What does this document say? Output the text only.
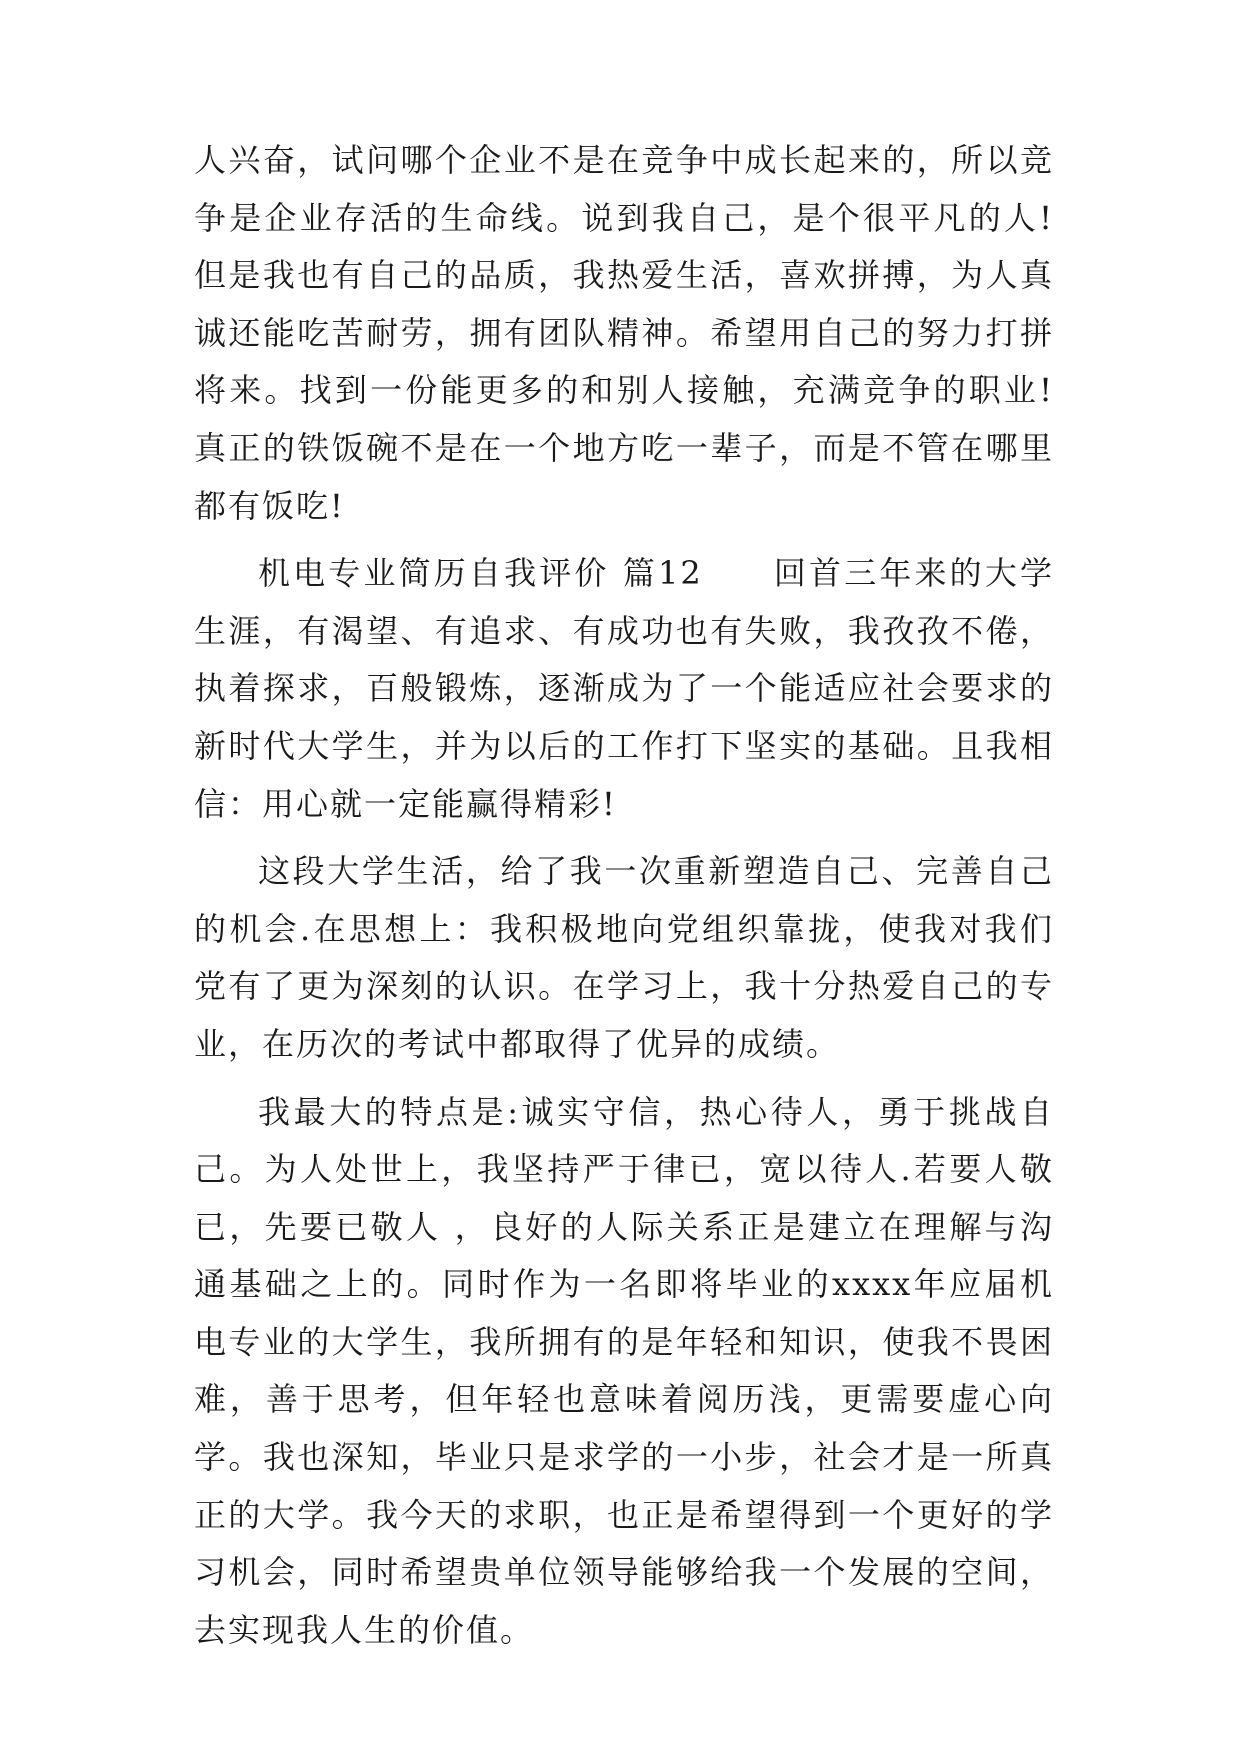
人兴奋，试问哪个企业不是在竞争中成长起来的，所以竞争是企业存活的生命线。说到我自己，是个很平凡的人!但是我也有自己的品质，我热爱生活，喜欢拼搏，为人真诚还能吃苦耐劳，拥有团队精神。希望用自己的努力打拼将来。找到一份能更多的和别人接触，充满竞争的职业!真正的铁饭碗不是在一个地方吃一辈子，而是不管在哪里都有饭吃!

机电专业简历自我评价 篇12 回首三年来的大学生涯，有渴望、有追求、有成功也有失败，我孜孜不倦，执着探求，百般锻炼，逐渐成为了一个能适应社会要求的新时代大学生，并为以后的工作打下坚实的基础。且我相信：用心就一定能赢得精彩!

这段大学生活，给了我一次重新塑造自己、完善自己的机会.在思想上：我积极地向党组织靠拢，使我对我们党有了更为深刻的认识。在学习上，我十分热爱自己的专业，在历次的考试中都取得了优异的成绩。

我最大的特点是:诚实守信，热心待人，勇于挑战自己。为人处世上，我坚持严于律已，宽以待人.若要人敬已，先要已敬人 ，良好的人际关系正是建立在理解与沟通基础之上的。同时作为一名即将毕业的xxxx年应届机电专业的大学生，我所拥有的是年轻和知识，使我不畏困难，善于思考，但年轻也意味着阅历浅，更需要虚心向学。我也深知，毕业只是求学的一小步，社会才是一所真正的大学。我今天的求职，也正是希望得到一个更好的学习机会，同时希望贵单位领导能够给我一个发展的空间，去实现我人生的价值。
